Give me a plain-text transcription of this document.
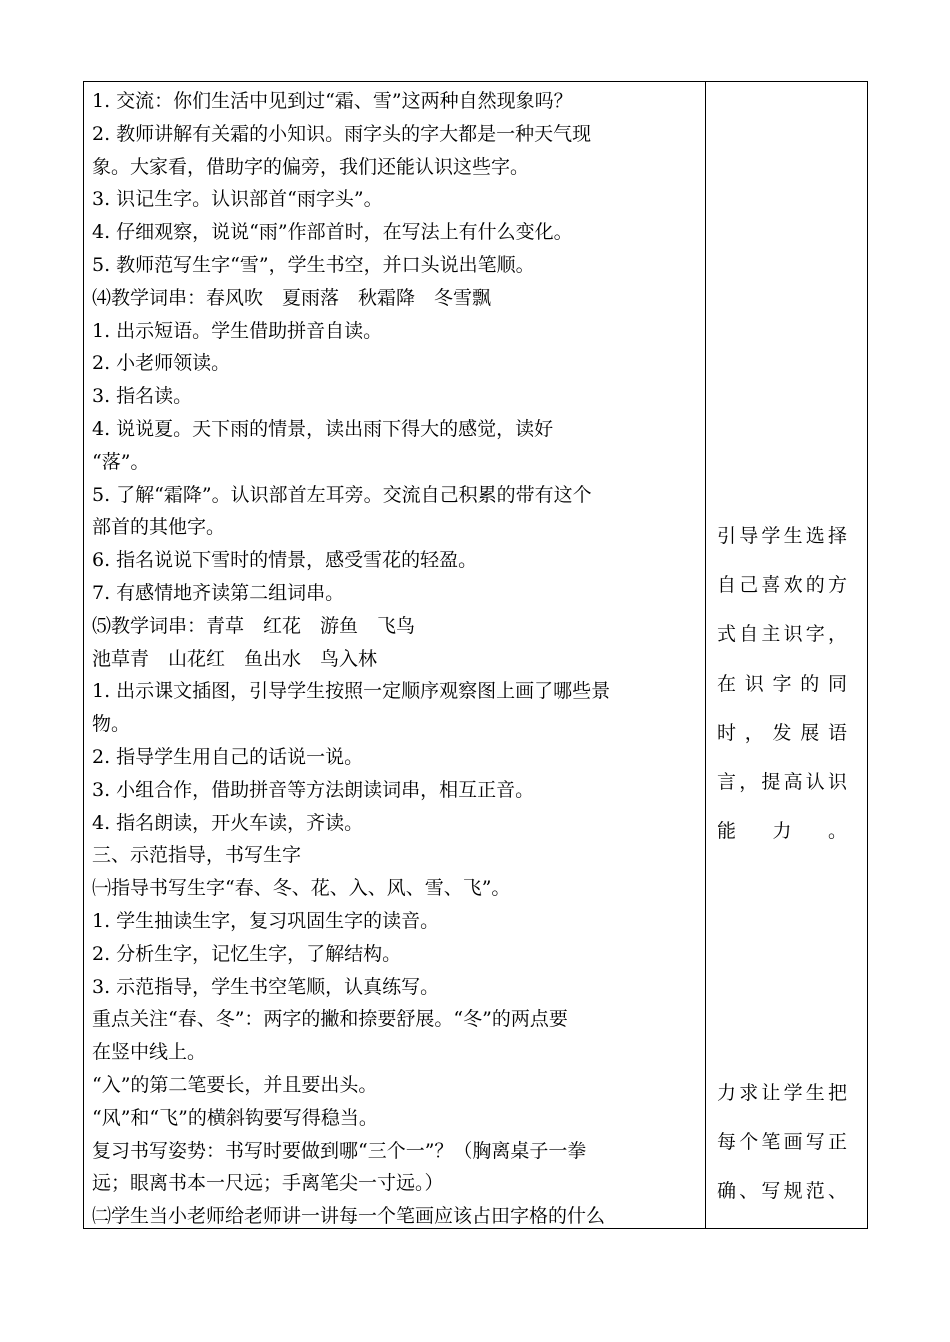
1. 交流：你们生活中见到过“霜、雪”这两种自然现象吗？
2. 教师讲解有关霜的小知识。雨字头的字大都是一种天气现
象。大家看，借助字的偏旁，我们还能认识这些字。
3. 识记生字。认识部首“雨字头”。
4. 仔细观察，说说“雨”作部首时，在写法上有什么变化。
5. 教师范写生字“雪”，学生书空，并口头说出笔顺。
⑷教学词串：春风吹　夏雨落　秋霜降　冬雪飘
1. 出示短语。学生借助拼音自读。
2. 小老师领读。
3. 指名读。
4. 说说夏。天下雨的情景，读出雨下得大的感觉，读好
“落”。
5. 了解“霜降”。认识部首左耳旁。交流自己积累的带有这个
部首的其他字。
6. 指名说说下雪时的情景，感受雪花的轻盈。
7. 有感情地齐读第二组词串。
⑸教学词串：青草　红花　游鱼　飞鸟
池草青　山花红　鱼出水　鸟入林
1. 出示课文插图，引导学生按照一定顺序观察图上画了哪些景
物。
2. 指导学生用自己的话说一说。
3. 小组合作，借助拼音等方法朗读词串，相互正音。
4. 指名朗读，开火车读，齐读。
三、示范指导，书写生字
㈠指导书写生字“春、冬、花、入、风、雪、飞”。
1. 学生抽读生字，复习巩固生字的读音。
2. 分析生字，记忆生字，了解结构。
3. 示范指导，学生书空笔顺，认真练写。
重点关注“春、冬”：两字的撇和捺要舒展。“冬”的两点要
在竖中线上。
“入”的第二笔要长，并且要出头。
“风”和“飞”的横斜钩要写得稳当。
复习书写姿势：书写时要做到哪“三个一”？（胸离桌子一拳
远；眼离书本一尺远；手离笔尖一寸远。）
㈡学生当小老师给老师讲一讲每一个笔画应该占田字格的什么
引导学生选择
自己喜欢的方
式自主识字，
在识字的同
时，发展语
言，提高认识
能力。
力求让学生把
每个笔画写正
确、写规范、
